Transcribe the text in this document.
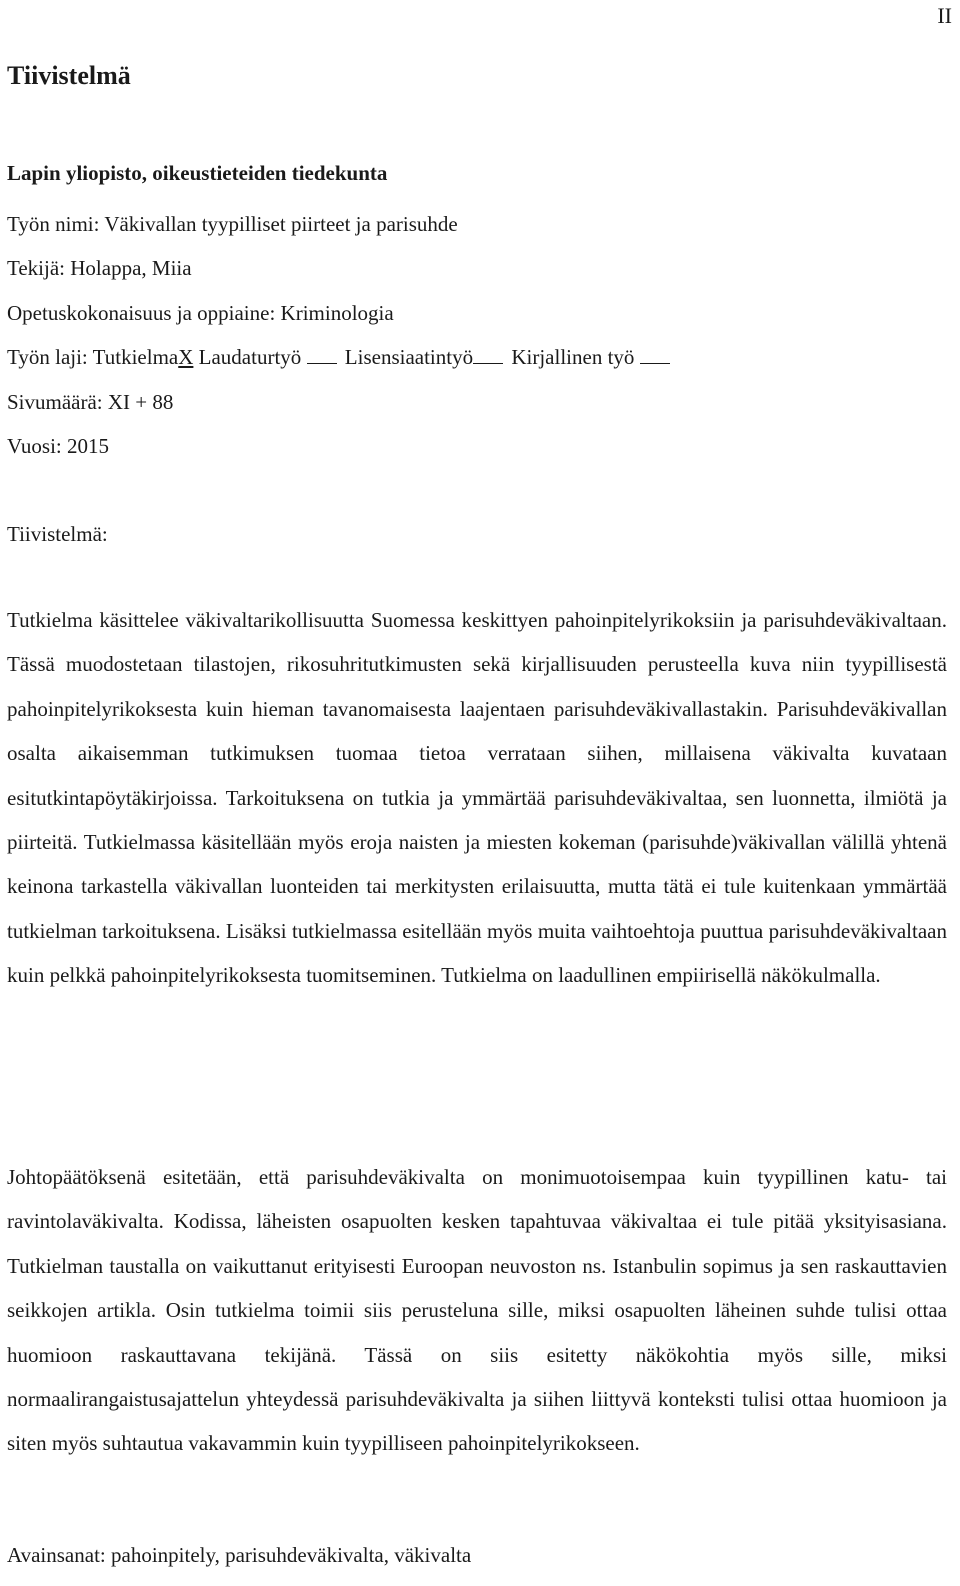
II
Tiivistelmä
Lapin yliopisto, oikeustieteiden tiedekunta
Työn nimi: Väkivallan tyypilliset piirteet ja parisuhde
Tekijä: Holappa, Miia
Opetuskokonaisuus ja oppiaine: Kriminologia
Työn laji: TutkielmaX Laudaturtyö Lisensiaatintyö Kirjallinen työ
Sivumäärä: XI + 88
Vuosi: 2015
Tiivistelmä:

Tutkielma käsittelee väkivaltarikollisuutta Suomessa keskittyen pahoinpitelyrikoksiin ja parisuhdeväkivaltaan. Tässä muodostetaan tilastojen, rikosuhritutkimusten sekä kirjallisuuden perusteella kuva niin tyypillisestä pahoinpitelyrikoksesta kuin hieman tavanomaisesta laajentaen parisuhdeväkivallastakin. Parisuhdeväkivallan osalta aikaisemman tutkimuksen tuomaa tietoa verrataan siihen, millaisena väkivalta kuvataan esitutkintapöytäkirjoissa. Tarkoituksena on tutkia ja ymmärtää parisuhdeväkivaltaa, sen luonnetta, ilmiötä ja piirteitä. Tutkielmassa käsitellään myös eroja naisten ja miesten kokeman (parisuhde)väkivallan välillä yhtenä keinona tarkastella väkivallan luonteiden tai merkitysten erilaisuutta, mutta tätä ei tule kuitenkaan ymmärtää tutkielman tarkoituksena. Lisäksi tutkielmassa esitellään myös muita vaihtoehtoja puuttua parisuhdeväkivaltaan kuin pelkkä pahoinpitelyrikoksesta tuomitseminen. Tutkielma on laadullinen empiirisellä näkökulmalla.

Johtopäätöksenä esitetään, että parisuhdeväkivalta on monimuotoisempaa kuin tyypillinen katu- tai ravintolaväkivalta. Kodissa, läheisten osapuolten kesken tapahtuvaa väkivaltaa ei tule pitää yksityisasiana. Tutkielman taustalla on vaikuttanut erityisesti Euroopan neuvoston ns. Istanbulin sopimus ja sen raskauttavien seikkojen artikla. Osin tutkielma toimii siis perusteluna sille, miksi osapuolten läheinen suhde tulisi ottaa huomioon raskauttavana tekijänä. Tässä on siis esitetty näkökohtia myös sille, miksi normaalirangaistusajattelun yhteydessä parisuhdeväkivalta ja siihen liittyvä konteksti tulisi ottaa huomioon ja siten myös suhtautua vakavammin kuin tyypilliseen pahoinpitelyrikokseen.

Avainsanat: pahoinpitely, parisuhdeväkivalta, väkivalta
